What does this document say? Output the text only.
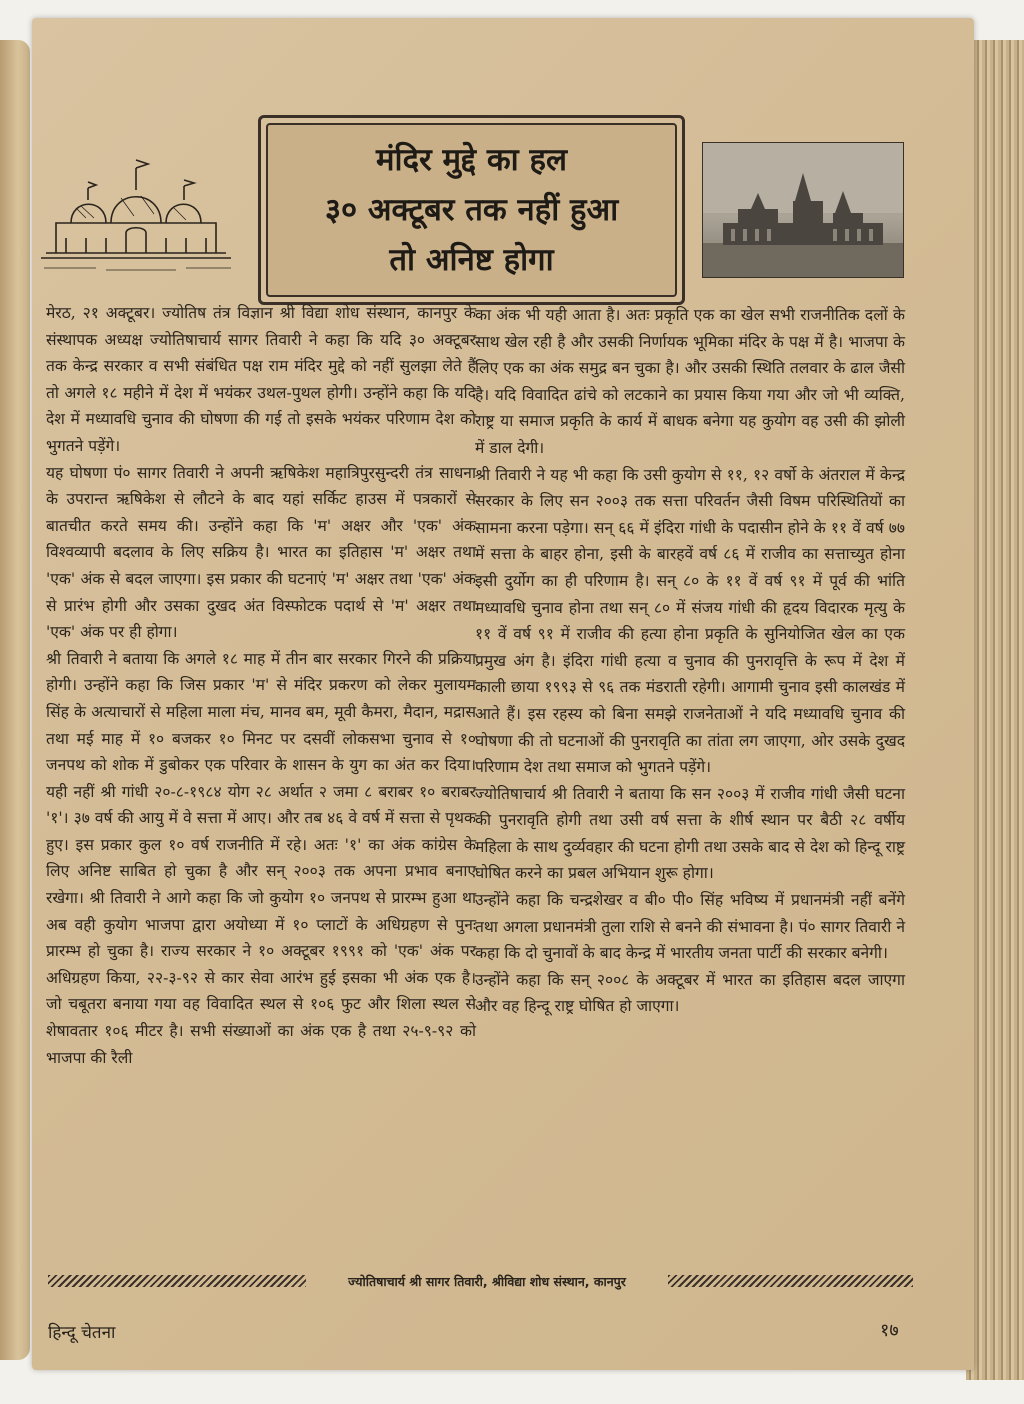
मंदिर मुद्दे का हल
३० अक्टूबर तक नहीं हुआ
तो अनिष्ट होगा
मेरठ, २१ अक्टूबर। ज्योतिष तंत्र विज्ञान श्री विद्या शोध संस्थान, कानपुर के संस्थापक अध्यक्ष ज्योतिषाचार्य सागर तिवारी ने कहा कि यदि ३० अक्टूबर तक केन्द्र सरकार व सभी संबंधित पक्ष राम मंदिर मुद्दे को नहीं सुलझा लेते हैं तो अगले १८ महीने में देश में भयंकर उथल-पुथल होगी। उन्होंने कहा कि यदि देश में मध्यावधि चुनाव की घोषणा की गई तो इसके भयंकर परिणाम देश को भुगतने पड़ेंगे।
यह घोषणा पं० सागर तिवारी ने अपनी ऋषिकेश महात्रिपुरसुन्दरी तंत्र साधना के उपरान्त ऋषिकेश से लौटने के बाद यहां सर्किट हाउस में पत्रकारों से बातचीत करते समय की। उन्होंने कहा कि 'म' अक्षर और 'एक' अंक विश्वव्यापी बदलाव के लिए सक्रिय है। भारत का इतिहास 'म' अक्षर तथा 'एक' अंक से बदल जाएगा। इस प्रकार की घटनाएं 'म' अक्षर तथा 'एक' अंक से प्रारंभ होगी और उसका दुखद अंत विस्फोटक पदार्थ से 'म' अक्षर तथा 'एक' अंक पर ही होगा।
श्री तिवारी ने बताया कि अगले १८ माह में तीन बार सरकार गिरने की प्रक्रिया होगी। उन्होंने कहा कि जिस प्रकार 'म' से मंदिर प्रकरण को लेकर मुलायम सिंह के अत्याचारों से महिला माला मंच, मानव बम, मूवी कैमरा, मैदान, मद्रास तथा मई माह में १० बजकर १० मिनट पर दसवीं लोकसभा चुनाव से १० जनपथ को शोक में डुबोकर एक परिवार के शासन के युग का अंत कर दिया। यही नहीं श्री गांधी २०-८-१९८४ योग २८ अर्थात २ जमा ८ बराबर १० बराबर '१'। ३७ वर्ष की आयु में वे सत्ता में आए। और तब ४६ वे वर्ष में सत्ता से पृथक हुए। इस प्रकार कुल १० वर्ष राजनीति में रहे। अतः '१' का अंक कांग्रेस के लिए अनिष्ट साबित हो चुका है और सन् २००३ तक अपना प्रभाव बनाए रखेगा। श्री तिवारी ने आगे कहा कि जो कुयोग १० जनपथ से प्रारम्भ हुआ था अब वही कुयोग भाजपा द्वारा अयोध्या में १० प्लाटों के अधिग्रहण से पुनः प्रारम्भ हो चुका है। राज्य सरकार ने १० अक्टूबर १९९१ को 'एक' अंक पर अधिग्रहण किया, २२-३-९२ से कार सेवा आरंभ हुई इसका भी अंक एक है। जो चबूतरा बनाया गया वह विवादित स्थल से १०६ फुट और शिला स्थल से शेषावतार १०६ मीटर है। सभी संख्याओं का अंक एक है तथा २५-९-९२ को भाजपा की रैली
का अंक भी यही आता है। अतः प्रकृति एक का खेल सभी राजनीतिक दलों के साथ खेल रही है और उसकी निर्णायक भूमिका मंदिर के पक्ष में है। भाजपा के लिए एक का अंक समुद्र बन चुका है। और उसकी स्थिति तलवार के ढाल जैसी है। यदि विवादित ढांचे को लटकाने का प्रयास किया गया और जो भी व्यक्ति, राष्ट्र या समाज प्रकृति के कार्य में बाधक बनेगा यह कुयोग वह उसी की झोली में डाल देगी।
श्री तिवारी ने यह भी कहा कि उसी कुयोग से ११, १२ वर्षो के अंतराल में केन्द्र सरकार के लिए सन २००३ तक सत्ता परिवर्तन जैसी विषम परिस्थितियों का सामना करना पड़ेगा। सन् ६६ में इंदिरा गांधी के पदासीन होने के ११ वें वर्ष ७७ में सत्ता के बाहर होना, इसी के बारहवें वर्ष ८६ में राजीव का सत्ताच्युत होना इसी दुर्योग का ही परिणाम है। सन् ८० के ११ वें वर्ष ९१ में पूर्व की भांति मध्यावधि चुनाव होना तथा सन् ८० में संजय गांधी की हृदय विदारक मृत्यु के ११ वें वर्ष ९१ में राजीव की हत्या होना प्रकृति के सुनियोजित खेल का एक प्रमुख अंग है। इंदिरा गांधी हत्या व चुनाव की पुनरावृत्ति के रूप में देश में काली छाया १९९३ से ९६ तक मंडराती रहेगी। आगामी चुनाव इसी कालखंड में आते हैं। इस रहस्य को बिना समझे राजनेताओं ने यदि मध्यावधि चुनाव की घोषणा की तो घटनाओं की पुनरावृति का तांता लग जाएगा, ओर उसके दुखद परिणाम देश तथा समाज को भुगतने पड़ेंगे।
ज्योतिषाचार्य श्री तिवारी ने बताया कि सन २००३ में राजीव गांधी जैसी घटना की पुनरावृति होगी तथा उसी वर्ष सत्ता के शीर्ष स्थान पर बैठी २८ वर्षीय महिला के साथ दुर्व्यवहार की घटना होगी तथा उसके बाद से देश को हिन्दू राष्ट्र घोषित करने का प्रबल अभियान शुरू होगा।
उन्होंने कहा कि चन्द्रशेखर व बी० पी० सिंह भविष्य में प्रधानमंत्री नहीं बनेंगे तथा अगला प्रधानमंत्री तुला राशि से बनने की संभावना है। पं० सागर तिवारी ने कहा कि दो चुनावों के बाद केन्द्र में भारतीय जनता पार्टी की सरकार बनेगी।
उन्होंने कहा कि सन् २००८ के अक्टूबर में भारत का इतिहास बदल जाएगा और वह हिन्दू राष्ट्र घोषित हो जाएगा।
ज्योतिषाचार्य श्री सागर तिवारी, श्रीविद्या शोध संस्थान, कानपुर
हिन्दू चेतना	१७
